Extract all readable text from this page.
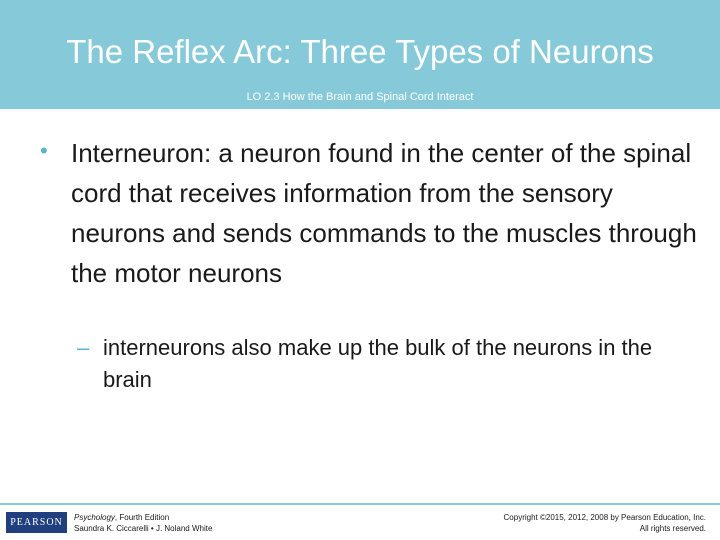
The Reflex Arc: Three Types of Neurons
LO 2.3 How the Brain and Spinal Cord Interact
• Interneuron: a neuron found in the center of the spinal cord that receives information from the sensory neurons and sends commands to the muscles through the motor neurons
– interneurons also make up the bulk of the neurons in the brain
PEARSON Psychology, Fourth Edition
Saundra K. Ciccarelli • J. Noland White
Copyright ©2015, 2012, 2008 by Pearson Education, Inc.
All rights reserved.
